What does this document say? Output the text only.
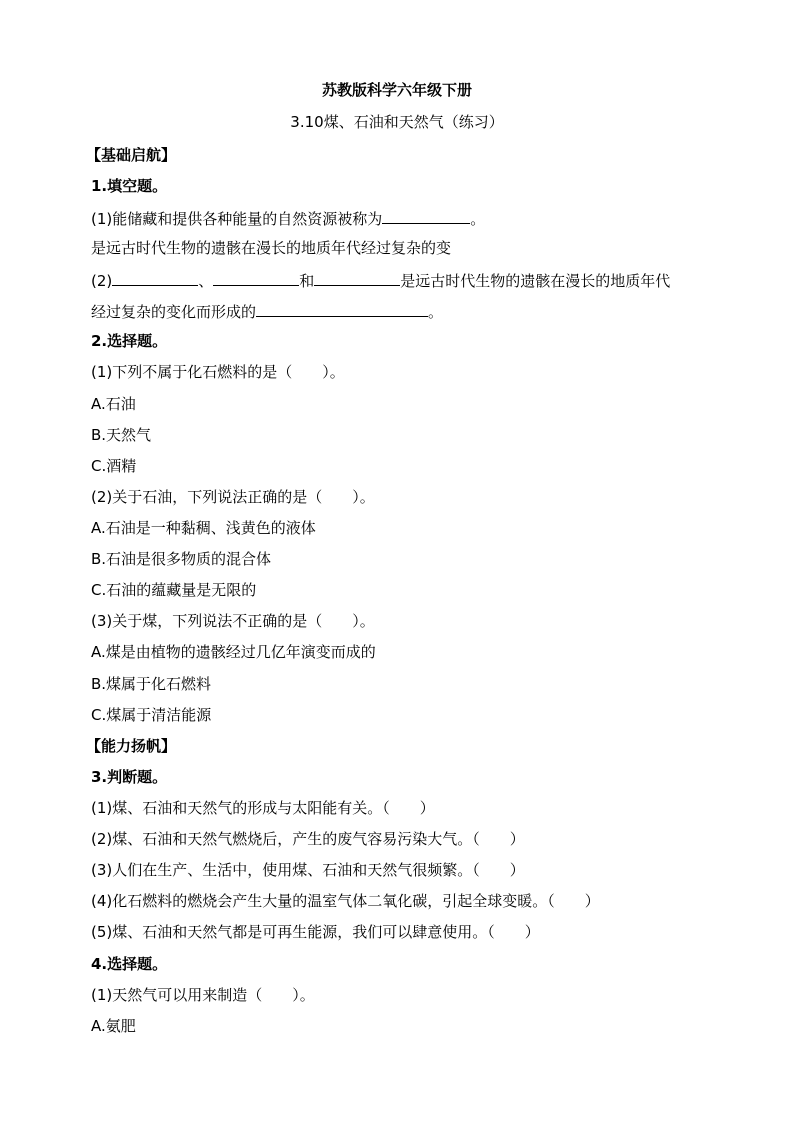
苏教版科学六年级下册
3.10煤、石油和天然气（练习）
【基础启航】
1.填空题。
(1)能储藏和提供各种能量的自然资源被称为	。
是远古时代生物的遗骸在漫长的地质年代经过复杂的变
(2)	、	和	是远古时代生物的遗骸在漫长的地质年代
经过复杂的变化而形成的	。
2.选择题。
(1)下列不属于化石燃料的是（　　）。
A.石油
B.天然气
C.酒精
(2)关于石油，下列说法正确的是（　　）。
A.石油是一种黏稠、浅黄色的液体
B.石油是很多物质的混合体
C.石油的蕴藏量是无限的
(3)关于煤，下列说法不正确的是（　　）。
A.煤是由植物的遗骸经过几亿年演变而成的
B.煤属于化石燃料
C.煤属于清洁能源
【能力扬帆】
3.判断题。
(1)煤、石油和天然气的形成与太阳能有关。（　　）
(2)煤、石油和天然气燃烧后，产生的废气容易污染大气。（　　）
(3)人们在生产、生活中，使用煤、石油和天然气很频繁。（　　）
(4)化石燃料的燃烧会产生大量的温室气体二氧化碳，引起全球变暖。（　　）
(5)煤、石油和天然气都是可再生能源，我们可以肆意使用。（　　）
4.选择题。
(1)天然气可以用来制造（　　）。
A.氨肥
